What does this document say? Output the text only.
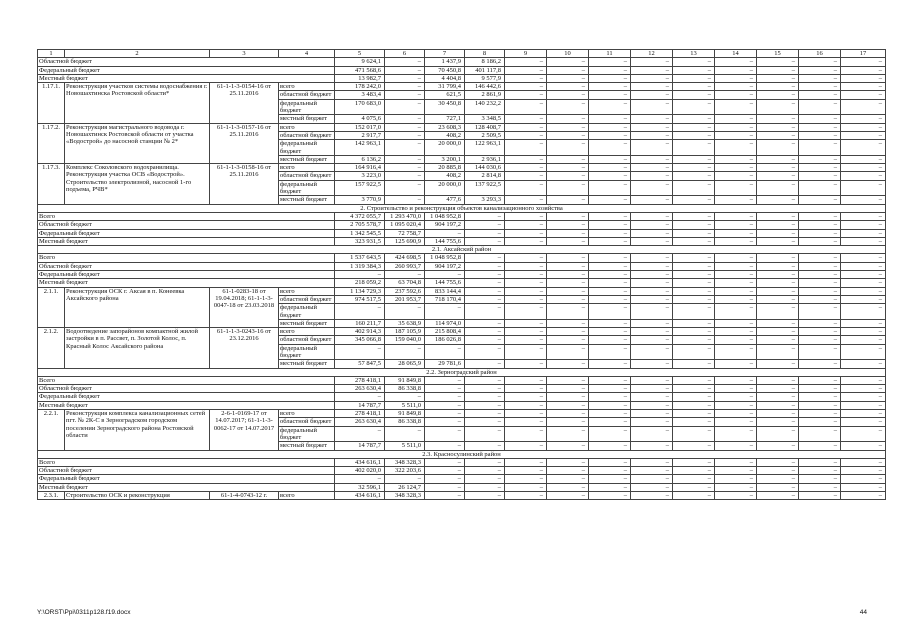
1	2	3	4	5	6	7	8	9	10	11	12	13	14	15	16	17
Областной бюджет				9 624,1	–	1 437,9	8 186,2	–	–	–	–	–	–	–	–	–
Федеральный бюджет				471 568,6	–	70 450,8	401 117,8	–	–	–	–	–	–	–	–	–
Местный бюджет				13 982,7	–	4 404,8	9 577,9	–	–	–	–	–	–	–	–	–
1.17.1.	Реконструкция участков системы водоснабжения г. Новошахтинска Ростовской области*	61-1-1-3-0154-16 от 25.11.2016	всего	178 242,0	–	31 799,4	146 442,6	–	–	–	–	–	–	–	–	–
			областной бюджет	3 483,4	–	621,5	2 861,9	–	–	–	–	–	–	–	–	–
			федеральный бюджет	170 683,0	–	30 450,8	140 232,2	–	–	–	–	–	–	–	–	–
			местный бюджет	4 075,6	–	727,1	3 348,5	–	–	–	–	–	–	–	–	–
1.17.2.	Реконструкция магистрального водовода г. Новошахтинск Ростовской области от участка «Водострой» до насосной станции № 2*	61-1-1-3-0157-16 от 25.11.2016	всего	152 017,0	–	23 608,3	128 408,7	–	–	–	–	–	–	–	–	–
			областной бюджет	2 917,7	–	408,2	2 509,5	–	–	–	–	–	–	–	–	–
			федеральный бюджет	142 963,1	–	20 000,0	122 963,1	–	–	–	–	–	–	–	–	–
			местный бюджет	6 136,2	–	3 200,1	2 936,1	–	–	–	–	–	–	–	–	–
1.17.3.	Комплекс Соколовского водохранилища. Реконструкция участка ОСВ «Водострой». Строительство электролизной, насосной 1-го подъема, РЧВ*	61-1-1-3-0158-16 от 25.11.2016	всего	164 916,4	–	20 885,8	144 030,6	–	–	–	–	–	–	–	–	–
			областной бюджет	3 223,0	–	408,2	2 814,8	–	–	–	–	–	–	–	–	–
			федеральный бюджет	157 922,5	–	20 000,0	137 922,5	–	–	–	–	–	–	–	–	–
			местный бюджет	3 770,9	–	477,6	3 293,3	–	–	–	–	–	–	–	–	–
2. Строительство и реконструкция объектов канализационного хозяйства																
Всего				4 372 055,7	1 293 470,0	1 048 952,8	–	–	–	–	–	–	–	–	–	–
Областной бюджет				2 705 578,7	1 095 020,4	904 197,2	–	–	–	–	–	–	–	–	–	–
Федеральный бюджет				1 342 545,5	72 758,7	–	–	–	–	–	–	–	–	–	–	–
Местный бюджет				323 931,5	125 690,9	144 755,6	–	–	–	–	–	–	–	–	–	–
2.1. Аксайский район																
Всего				1 537 643,5	424 698,5	1 048 952,8	–	–	–	–	–	–	–	–	–	–
Областной бюджет				1 319 384,3	260 993,7	904 197,2	–	–	–	–	–	–	–	–	–	–
Федеральный бюджет				–	–	–	–	–	–	–	–	–	–	–	–	–
Местный бюджет				218 059,2	63 704,8	144 755,6	–	–	–	–	–	–	–	–	–	–
2.1.1.	Реконструкция ОСК г. Аксая в п. Конеевка Аксайского района	61-1-0283-18 от 19.04.2018; 61-1-1-3-0047-18 от 23.03.2018	всего	1 134 729,3	237 592,6	833 144,4	–	–	–	–	–	–	–	–	–	–
			областной бюджет	974 517,5	201 953,7	718 170,4	–	–	–	–	–	–	–	–	–	–
			федеральный бюджет	–	–	–	–	–	–	–	–	–	–	–	–	–
			местный бюджет	160 211,7	35 638,9	114 974,0	–	–	–	–	–	–	–	–	–	–
2.1.2.	Водоотведение запорайонов компактной жилой застройки в п. Рассвет, п. Золотой Колос, п. Красный Колос Аксайского района	61-1-1-3-0243-16 от 23.12.2016	всего	402 914,3	187 105,9	215 808,4	–	–	–	–	–	–	–	–	–	–
			областной бюджет	345 066,8	159 040,0	186 026,8	–	–	–	–	–	–	–	–	–	–
			федеральный бюджет	–	–	–	–	–	–	–	–	–	–	–	–	–
			местный бюджет	57 847,5	28 065,9	29 781,6	–	–	–	–	–	–	–	–	–	–
2.2. Зерноградский район																
Всего				278 418,1	91 849,8	–	–	–	–	–	–	–	–	–	–	–
Областной бюджет				263 630,4	86 338,8	–	–	–	–	–	–	–	–	–	–	–
Федеральный бюджет				–	–	–	–	–	–	–	–	–	–	–	–	–
Местный бюджет				14 787,7	5 511,0	–	–	–	–	–	–	–	–	–	–	–
2.2.1.	Реконструкция комплекса канализационных сетей пгт. № 2К-С в Зерноградском городском поселении Зерноградского района Ростовской области	2-6-1-0169-17 от 14.07.2017; 61-1-1-3-0062-17 от 14.07.2017	всего	278 418,1	91 849,8	–	–	–	–	–	–	–	–	–	–	–
			областной бюджет	263 630,4	86 338,8	–	–	–	–	–	–	–	–	–	–	–
			федеральный бюджет	–	–	–	–	–	–	–	–	–	–	–	–	–
			местный бюджет	14 787,7	5 511,0	–	–	–	–	–	–	–	–	–	–	–
2.3. Красносулинский район																
Всего				434 616,1	348 328,3	–	–	–	–	–	–	–	–	–	–	–
Областной бюджет				402 020,0	322 203,6	–	–	–	–	–	–	–	–	–	–	–
Федеральный бюджет				–	–	–	–	–	–	–	–	–	–	–	–	–
Местный бюджет				32 596,1	26 124,7	–	–	–	–	–	–	–	–	–	–	–
2.3.1.	Строительство ОСК и реконструкция	61-1-4-0743-12 г.	всего	434 616,1	348 328,3	–	–	–	–	–	–	–	–	–	–	–
Y:\ORST\Ppi\0311p128.f19.docx	44
